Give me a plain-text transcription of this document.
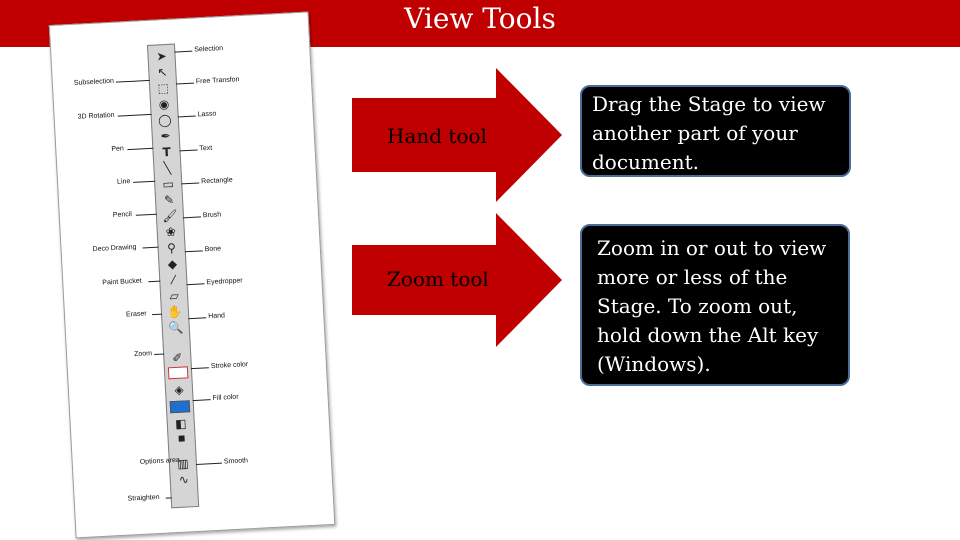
View Tools
➤
↖
⬚
◉
◯
✒
T
╲
▭
✎
🖌
❀
⚲
◆
⁄
▱
✋
🔍
✐
◈
◧
▪
▥
∿
Subselection
3D Rotation
Pen
Line
Pencil
Deco Drawing
Paint Bucket
Eraser
Zoom
Options area
Straighten
Selection
Free Transfon
Lasso
Text
Rectangle
Brush
Bone
Eyedropper
Hand
Stroke color
Fill color
Smooth
Hand tool
Zoom tool
Drag the Stage to view another part of your document.
Zoom in or out to view more or less of the Stage. To zoom out, hold down the Alt key (Windows).
